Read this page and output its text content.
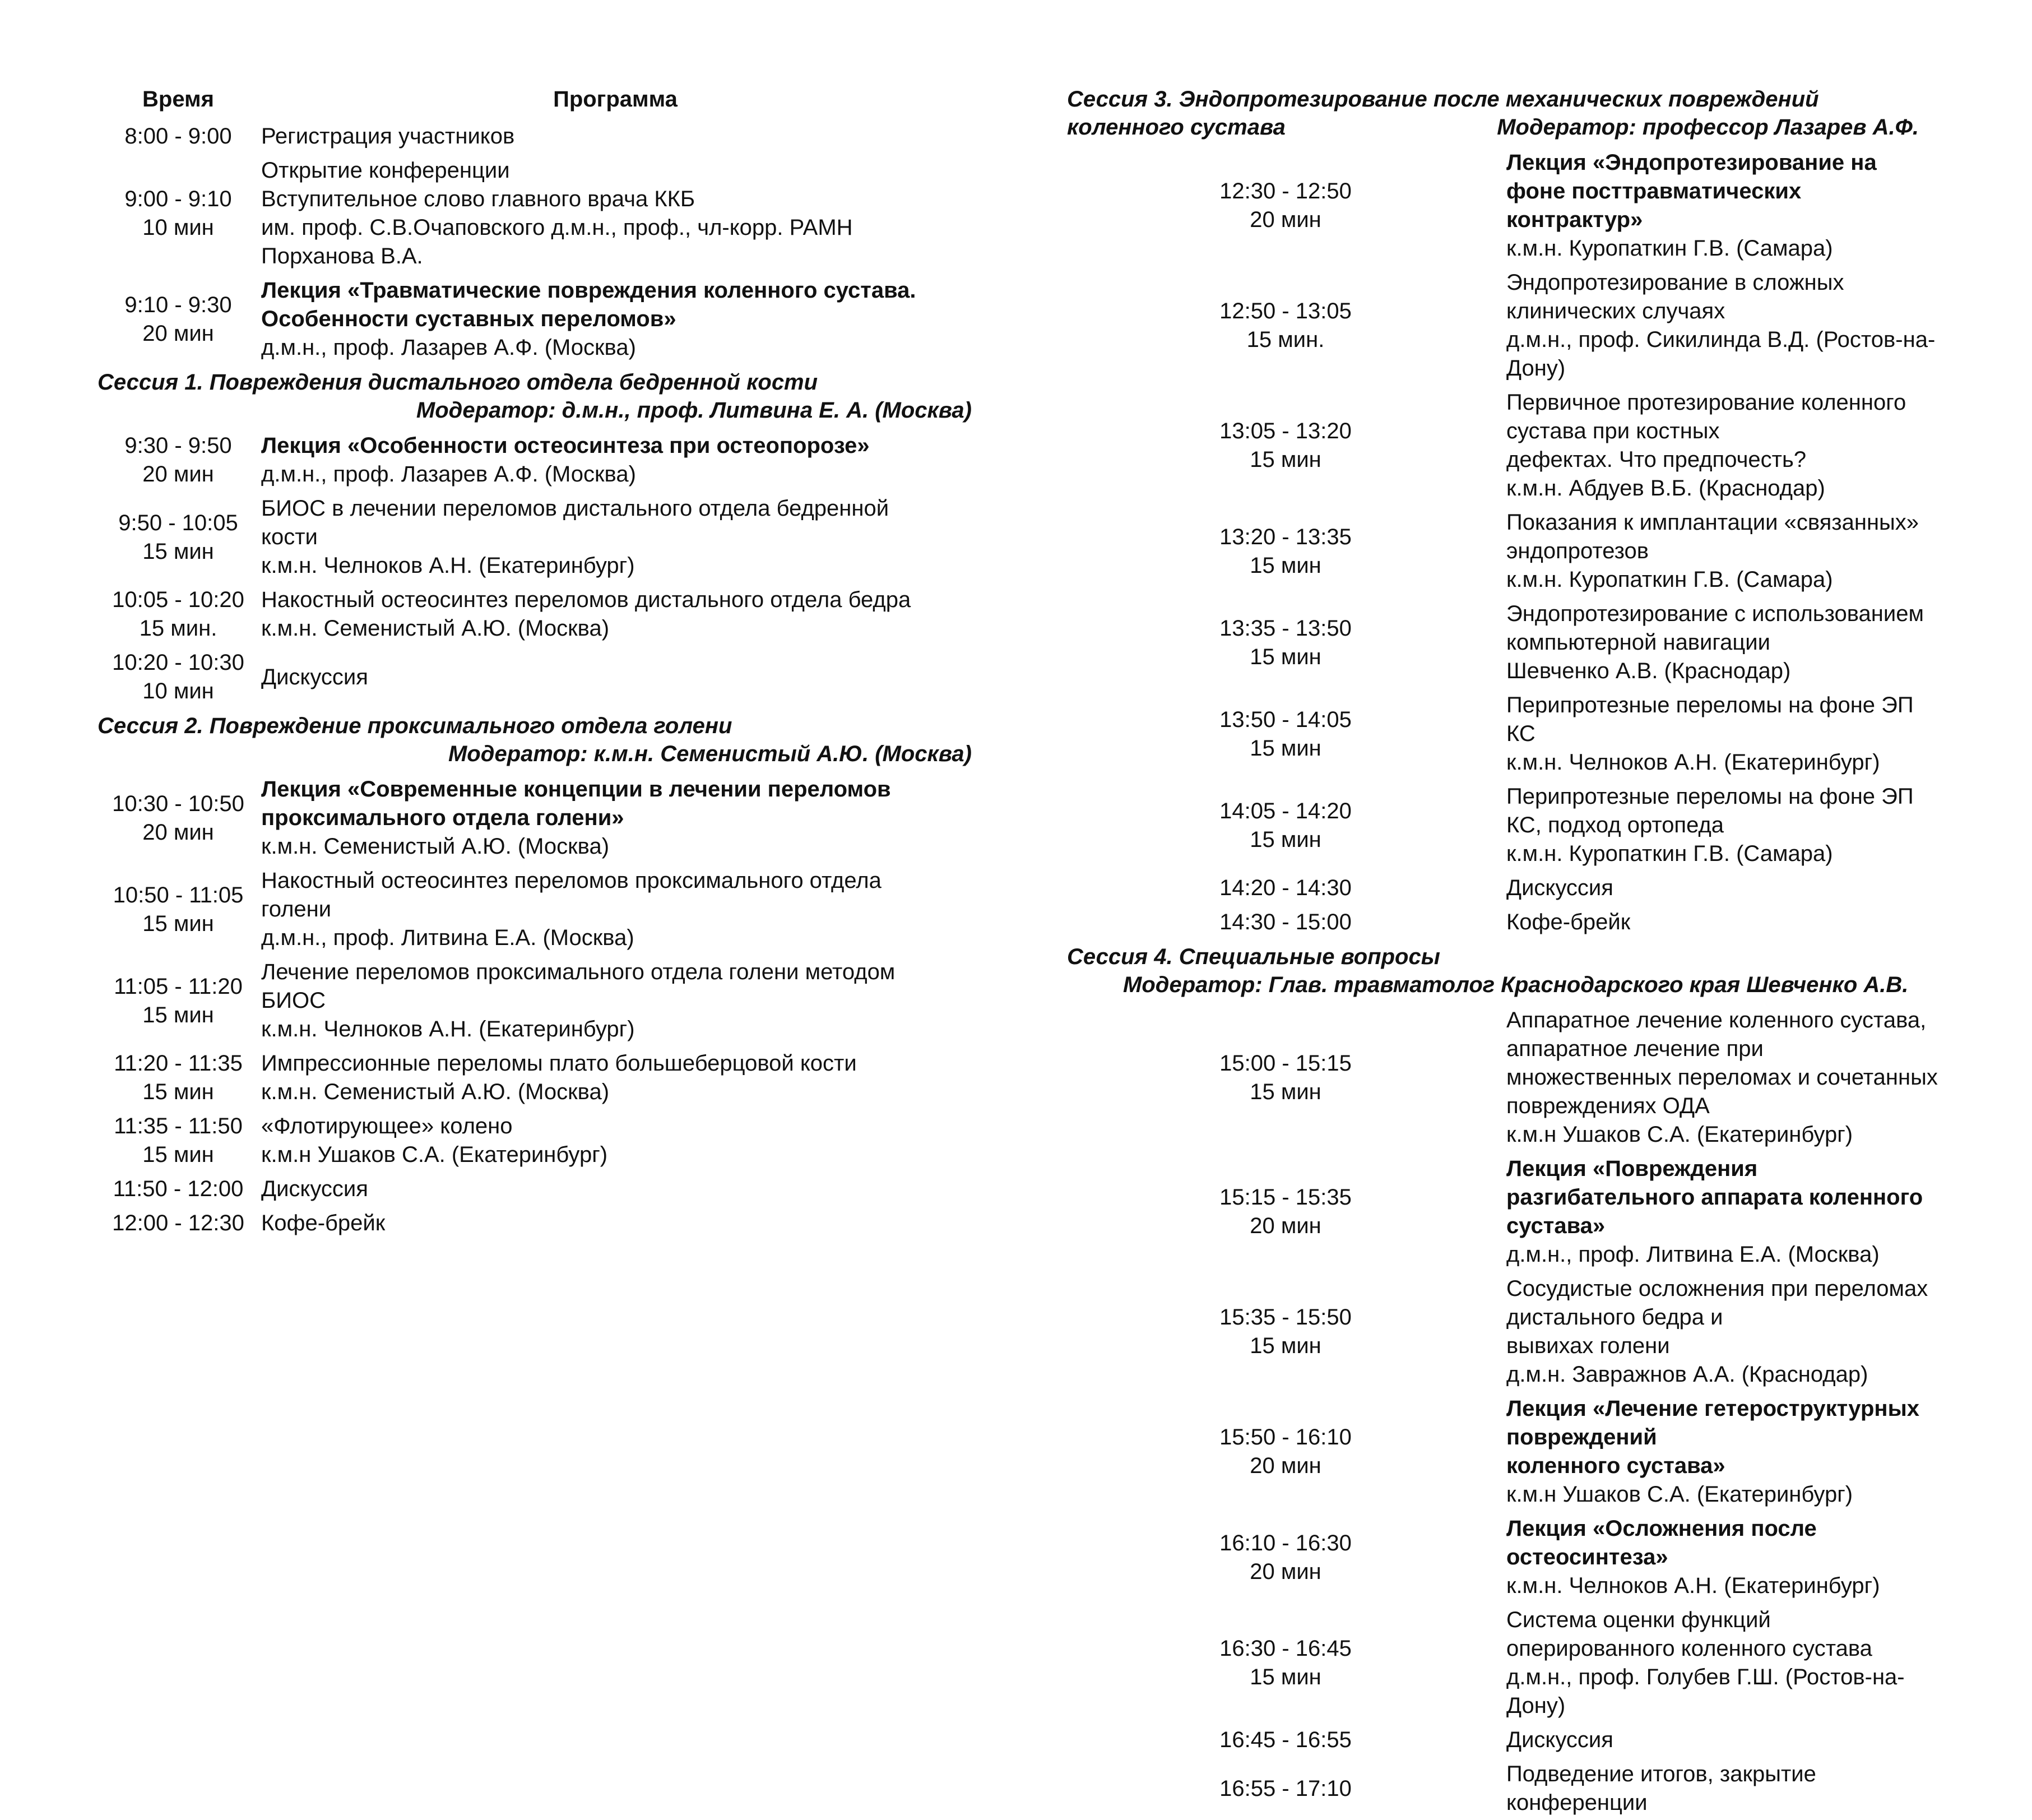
Время	Программа

8:00 - 9:00	Регистрация участников

9:00 - 9:10
10 мин	Открытие конференции
Вступительное слово главного врача ККБ
им. проф. С.В.Очаповского д.м.н., проф., чл-корр. РАМН
Порханова В.А.

9:10 - 9:30
20 мин	Лекция «Травматические повреждения коленного сустава.
Особенности суставных переломов»
д.м.н., проф. Лазарев А.Ф. (Москва)

Сессия 1. Повреждения дистального отдела бедренной кости
Модератор: д.м.н., проф. Литвина Е. А. (Москва)	

9:30 - 9:50
20 мин	Лекция «Особенности остеосинтеза при остеопорозе»
д.м.н., проф. Лазарев А.Ф. (Москва)

9:50 - 10:05
15 мин	БИОС в лечении переломов дистального отдела бедренной
кости
к.м.н. Челноков А.Н. (Екатеринбург)

10:05 - 10:20
15 мин.	Накостный остеосинтез переломов дистального отдела бедра
к.м.н. Семенистый А.Ю. (Москва)

10:20 - 10:30
10 мин	Дискуссия

Сессия 2. Повреждение проксимального отдела голени
Модератор: к.м.н. Семенистый А.Ю. (Москва)	

10:30 - 10:50
20 мин	Лекция «Современные концепции в лечении переломов
проксимального отдела голени»
к.м.н. Семенистый А.Ю. (Москва)

10:50 - 11:05
15 мин	Накостный остеосинтез переломов проксимального отдела
голени
д.м.н., проф. Литвина Е.А. (Москва)

11:05 - 11:20
15 мин	Лечение переломов проксимального отдела голени методом
БИОС
к.м.н. Челноков А.Н. (Екатеринбург)

11:20 - 11:35
15 мин	Импрессионные переломы плато большеберцовой кости
к.м.н. Семенистый А.Ю. (Москва)

11:35 - 11:50
15 мин	«Флотирующее» колено
к.м.н Ушаков С.А. (Екатеринбург)

11:50 - 12:00	Дискуссия

12:00 - 12:30	Кофе-брейк
Сессия 3. Эндопротезирование после механических повреждений
коленного сустава Модератор: профессор Лазарев А.Ф.	

12:30 - 12:50
20 мин	Лекция «Эндопротезирование на фоне посттравматических
контрактур»
к.м.н. Куропаткин Г.В. (Самара)

12:50 - 13:05
15 мин.	Эндопротезирование в сложных клинических случаях
д.м.н., проф. Сикилинда В.Д. (Ростов-на-Дону)

13:05 - 13:20
15 мин	Первичное протезирование коленного сустава при костных
дефектах. Что предпочесть?
к.м.н. Абдуев В.Б. (Краснодар)

13:20 - 13:35
15 мин	Показания к имплантации «связанных» эндопротезов
к.м.н. Куропаткин Г.В. (Самара)

13:35 - 13:50
15 мин	Эндопротезирование с использованием компьютерной навигации
Шевченко А.В. (Краснодар)

13:50 - 14:05
15 мин	Перипротезные переломы на фоне ЭП КС
к.м.н. Челноков А.Н. (Екатеринбург)

14:05 - 14:20
15 мин	Перипротезные переломы на фоне ЭП КС, подход ортопеда
к.м.н. Куропаткин Г.В. (Самара)

14:20 - 14:30	Дискуссия

14:30 - 15:00	Кофе-брейк

Сессия 4. Специальные вопросы
Модератор: Глав. травматолог Краснодарского края Шевченко А.В.	

15:00 - 15:15
15 мин	Аппаратное лечение коленного сустава, аппаратное лечение при
множественных переломах и сочетанных повреждениях ОДА
к.м.н Ушаков С.А. (Екатеринбург)

15:15 - 15:35
20 мин	Лекция «Повреждения разгибательного аппарата коленного
сустава»
д.м.н., проф. Литвина Е.А. (Москва)

15:35 - 15:50
15 мин	Сосудистые осложнения при переломах дистального бедра и
вывихах голени
д.м.н. Завражнов А.А. (Краснодар)

15:50 - 16:10
20 мин	Лекция «Лечение гетероструктурных повреждений
коленного сустава»
к.м.н Ушаков С.А. (Екатеринбург)

16:10 - 16:30
20 мин	Лекция «Осложнения после остеосинтеза»
к.м.н. Челноков А.Н. (Екатеринбург)

16:30 - 16:45
15 мин	Система оценки функций оперированного коленного сустава
д.м.н., проф. Голубев Г.Ш. (Ростов-на-Дону)

16:45 - 16:55	Дискуссия

16:55 - 17:10	Подведение итогов, закрытие конференции
